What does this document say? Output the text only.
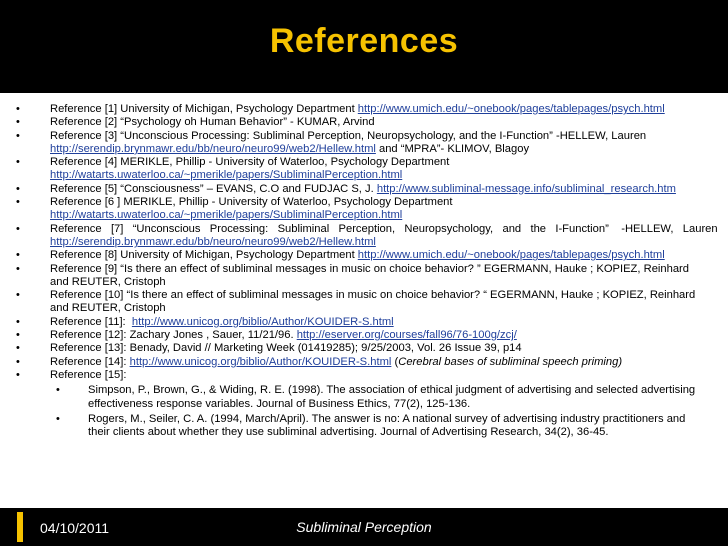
References
•	Reference [1] University of Michigan, Psychology Department http://www.umich.edu/~onebook/pages/tablepages/psych.html
•	Reference [2] “Psychology oh Human Behavior” - KUMAR, Arvind
•	Reference [3] “Unconscious Processing: Subliminal Perception, Neuropsychology, and the I-Function” -HELLEW, Lauren http://serendip.brynmawr.edu/bb/neuro/neuro99/web2/Hellew.html and “MPRA”- KLIMOV, Blagoy
•	Reference [4] MERIKLE, Phillip - University of Waterloo, Psychology Department http://watarts.uwaterloo.ca/~pmerikle/papers/SubliminalPerception.html
•	Reference [5] “Consciousness” – EVANS, C.O and FUDJAC S, J. http://www.subliminal-message.info/subliminal_research.htm
•	Reference [6 ] MERIKLE, Phillip - University of Waterloo, Psychology Department http://watarts.uwaterloo.ca/~pmerikle/papers/SubliminalPerception.html
•	Reference   [7]   “Unconscious   Processing:   Subliminal   Perception,   Neuropsychology,   and   the   I-Function”    -HELLEW,   Lauren
http://serendip.brynmawr.edu/bb/neuro/neuro99/web2/Hellew.html
•	Reference [8] University of Michigan, Psychology Department http://www.umich.edu/~onebook/pages/tablepages/psych.html
•	Reference [9] “Is there an effect of subliminal messages in music on choice behavior? ” EGERMANN, Hauke ; KOPIEZ, Reinhard and REUTER, Cristoph
•	Reference [10] “Is there an effect of subliminal messages in music on choice behavior? “ EGERMANN, Hauke ; KOPIEZ, Reinhard and REUTER, Cristoph
•	Reference [11]:  http://www.unicog.org/biblio/Author/KOUIDER-S.html
•	Reference [12]: Zachary Jones , Sauer, 11/21/96. http://eserver.org/courses/fall96/76-100g/zcj/
•	Reference [13]: Benady, David // Marketing Week (01419285); 9/25/2003, Vol. 26 Issue 39, p14
•	Reference [14]: http://www.unicog.org/biblio/Author/KOUIDER-S.html (Cerebral bases of subliminal speech priming)
•	Reference [15]:
•	Simpson, P., Brown, G., & Widing, R. E. (1998). The association of ethical judgment of advertising and selected advertising effectiveness response variables. Journal of Business Ethics, 77(2), 125-136.
•	Rogers, M., Seiler, C. A. (1994, March/April). The answer is no: A national survey of advertising industry practitioners and their clients about whether they use subliminal advertising. Journal of Advertising Research, 34(2), 36-45.
04/10/2011	Subliminal Perception
